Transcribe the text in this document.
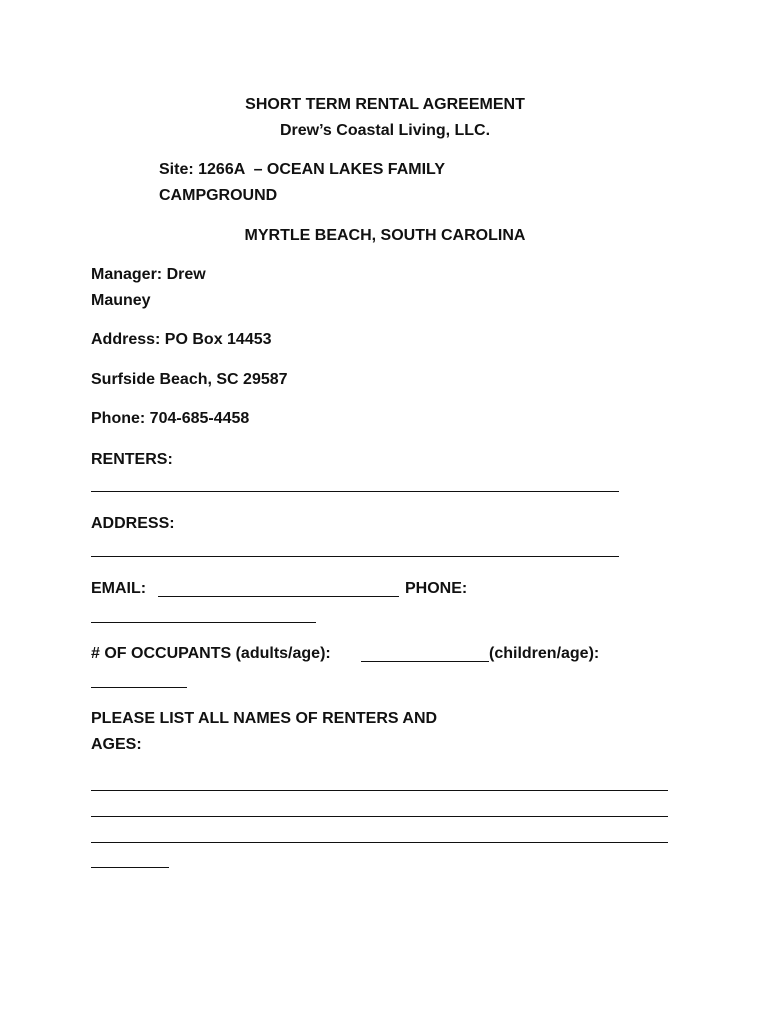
SHORT TERM RENTAL AGREEMENT
Drew’s Coastal Living, LLC.
Site: 1266A  – OCEAN LAKES FAMILY
CAMPGROUND
MYRTLE BEACH, SOUTH CAROLINA
Manager: Drew
Mauney
Address: PO Box 14453
Surfside Beach, SC 29587
Phone: 704-685-4458
RENTERS:
ADDRESS:
EMAIL:	PHONE:
# OF OCCUPANTS (adults/age):	(children/age):
PLEASE LIST ALL NAMES OF RENTERS AND
AGES:
